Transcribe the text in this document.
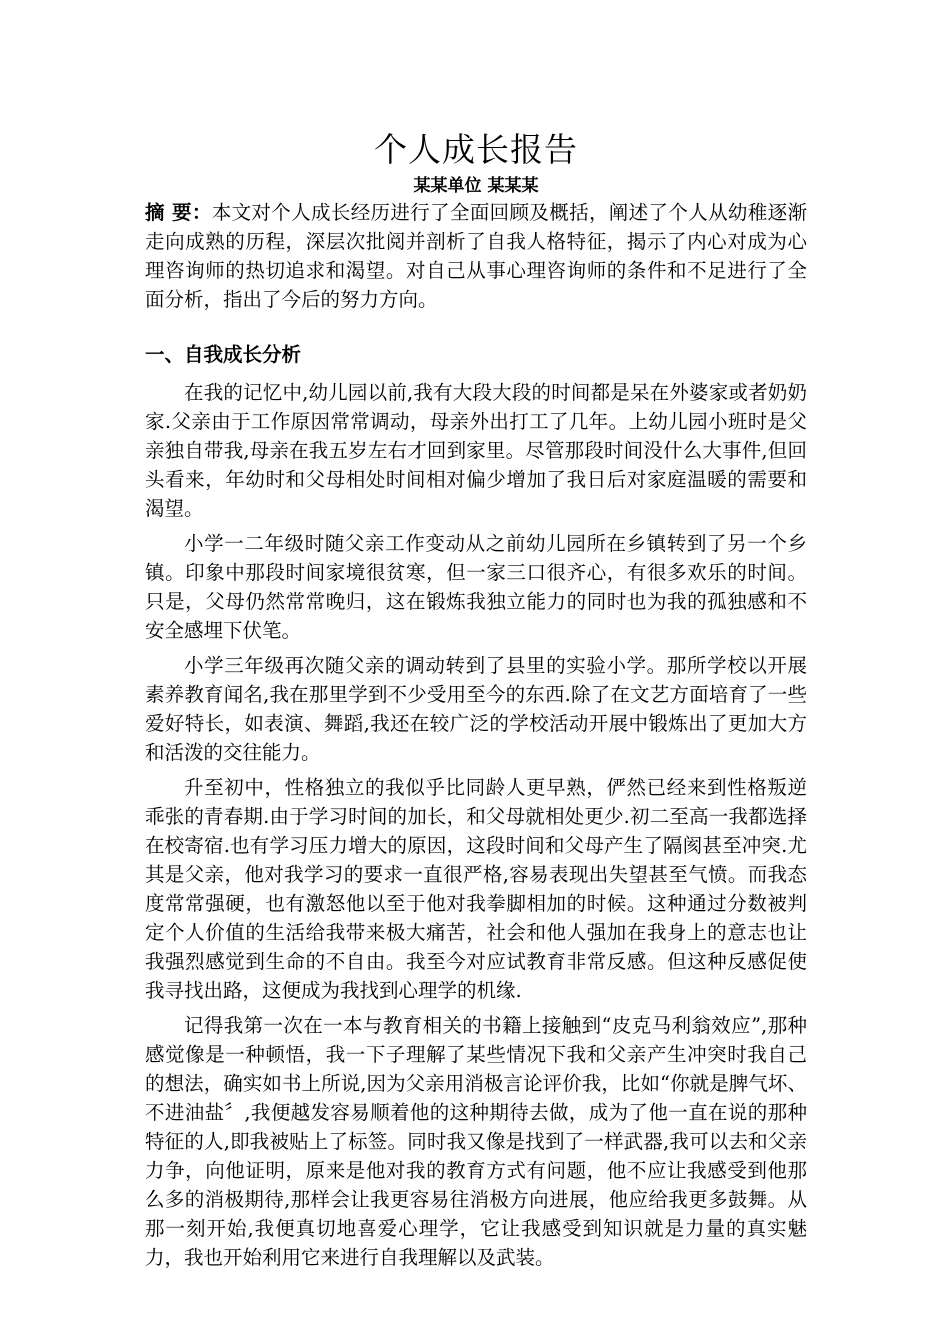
个人成长报告
某某单位 某某某

摘 要：本文对个人成长经历进行了全面回顾及概括，阐述了个人从幼稚逐渐走向成熟的历程，深层次批阅并剖析了自我人格特征，揭示了内心对成为心理咨询师的热切追求和渴望。对自己从事心理咨询师的条件和不足进行了全面分析，指出了今后的努力方向。

一、自我成长分析

在我的记忆中,幼儿园以前,我有大段大段的时间都是呆在外婆家或者奶奶家.父亲由于工作原因常常调动，母亲外出打工了几年。上幼儿园小班时是父亲独自带我,母亲在我五岁左右才回到家里。尽管那段时间没什么大事件,但回头看来，年幼时和父母相处时间相对偏少增加了我日后对家庭温暖的需要和渴望。

小学一二年级时随父亲工作变动从之前幼儿园所在乡镇转到了另一个乡镇。印象中那段时间家境很贫寒，但一家三口很齐心，有很多欢乐的时间。只是，父母仍然常常晚归，这在锻炼我独立能力的同时也为我的孤独感和不安全感埋下伏笔。

小学三年级再次随父亲的调动转到了县里的实验小学。那所学校以开展素养教育闻名,我在那里学到不少受用至今的东西.除了在文艺方面培育了一些爱好特长，如表演、舞蹈,我还在较广泛的学校活动开展中锻炼出了更加大方和活泼的交往能力。

升至初中，性格独立的我似乎比同龄人更早熟，俨然已经来到性格叛逆乖张的青春期.由于学习时间的加长，和父母就相处更少.初二至高一我都选择在校寄宿.也有学习压力增大的原因，这段时间和父母产生了隔阂甚至冲突.尤其是父亲，他对我学习的要求一直很严格,容易表现出失望甚至气愤。而我态度常常强硬，也有激怒他以至于他对我拳脚相加的时候。这种通过分数被判定个人价值的生活给我带来极大痛苦，社会和他人强加在我身上的意志也让我强烈感觉到生命的不自由。我至今对应试教育非常反感。但这种反感促使我寻找出路，这便成为我找到心理学的机缘.

记得我第一次在一本与教育相关的书籍上接触到“皮克马利翁效应”,那种感觉像是一种顿悟，我一下子理解了某些情况下我和父亲产生冲突时我自己的想法，确实如书上所说,因为父亲用消极言论评价我，比如“你就是脾气坏、不进油盐〞,我便越发容易顺着他的这种期待去做，成为了他一直在说的那种特征的人,即我被贴上了标签。同时我又像是找到了一样武器,我可以去和父亲力争，向他证明，原来是他对我的教育方式有问题，他不应让我感受到他那么多的消极期待,那样会让我更容易往消极方向进展，他应给我更多鼓舞。从那一刻开始,我便真切地喜爱心理学，它让我感受到知识就是力量的真实魅力，我也开始利用它来进行自我理解以及武装。
